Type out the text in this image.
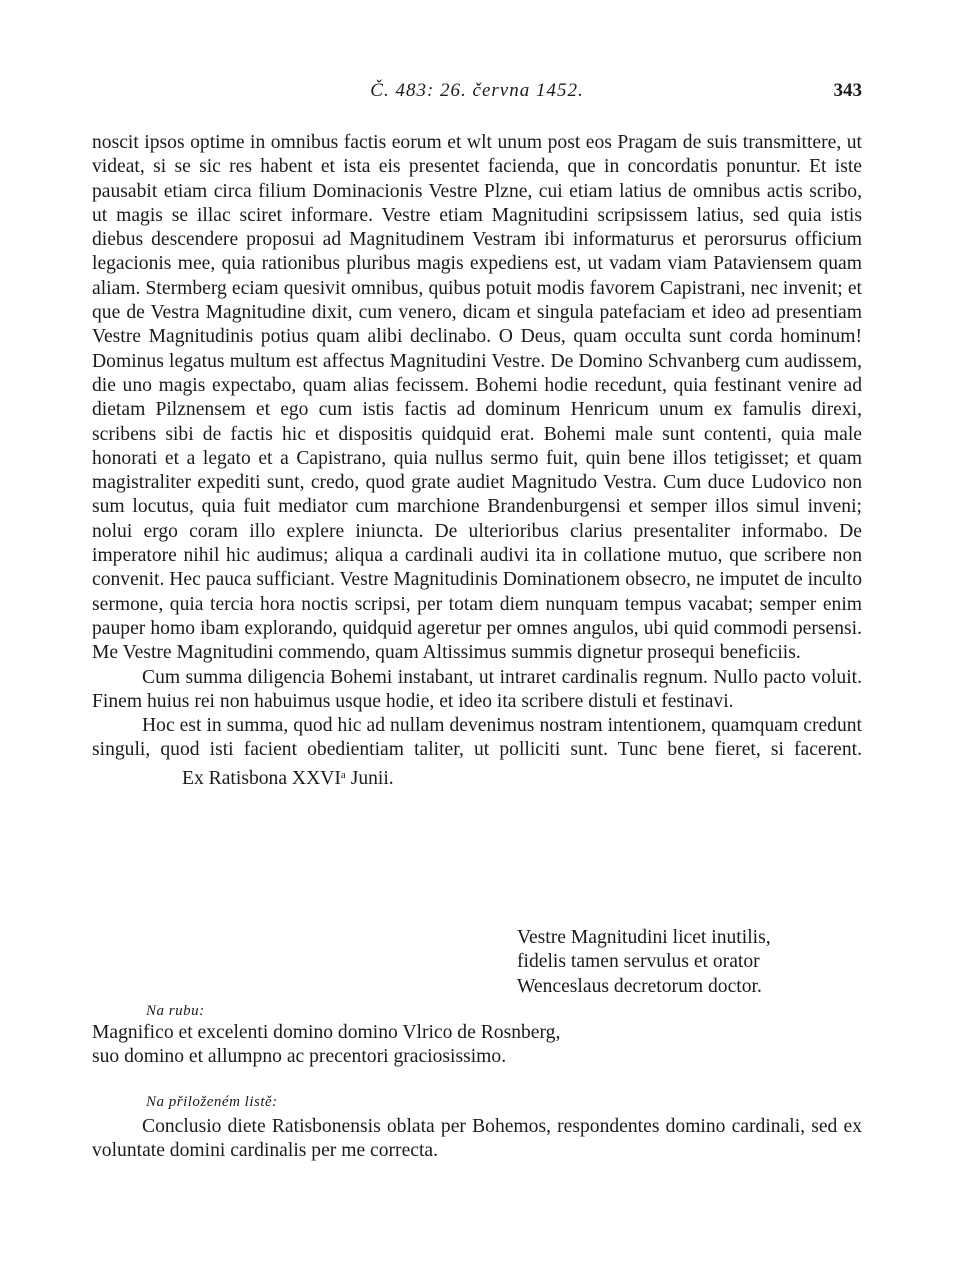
Č. 483: 26. června 1452.	343

noscit ipsos optime in omnibus factis eorum et wlt unum post eos Pragam de suis transmittere, ut videat, si se sic res habent et ista eis presentet facienda, que in concordatis ponuntur. Et iste pausabit etiam circa filium Dominacionis Vestre Plzne, cui etiam latius de omnibus actis scribo, ut magis se illac sciret informare. Vestre etiam Magnitudini scripsissem latius, sed quia istis diebus descendere proposui ad Magnitudinem Vestram ibi informaturus et perorsurus officium legacionis mee, quia rationibus pluribus magis expediens est, ut vadam viam Pataviensem quam aliam. Stermberg eciam quesivit omnibus, quibus potuit modis favorem Capistrani, nec invenit; et que de Vestra Magnitudine dixit, cum venero, dicam et singula patefaciam et ideo ad presentiam Vestre Magnitudinis potius quam alibi declinabo. O Deus, quam occulta sunt corda hominum! Dominus legatus multum est affectus Magnitudini Vestre. De Domino Schvanberg cum audissem, die uno magis expectabo, quam alias fecissem. Bohemi hodie recedunt, quia festinant venire ad dietam Pilznensem et ego cum istis factis ad dominum Henricum unum ex famulis direxi, scribens sibi de factis hic et dispositis quidquid erat. Bohemi male sunt contenti, quia male honorati et a legato et a Capistrano, quia nullus sermo fuit, quin bene illos tetigisset; et quam magistraliter expediti sunt, credo, quod grate audiet Magnitudo Vestra. Cum duce Ludovico non sum locutus, quia fuit mediator cum marchione Brandenburgensi et semper illos simul inveni; nolui ergo coram illo explere iniuncta. De ulterioribus clarius presentaliter informabo. De imperatore nihil hic audimus; aliqua a cardinali audivi ita in collatione mutuo, que scribere non convenit. Hec pauca sufficiant. Vestre Magnitudinis Dominationem obsecro, ne imputet de inculto sermone, quia tercia hora noctis scripsi, per totam diem nunquam tempus vacabat; semper enim pauper homo ibam explorando, quidquid ageretur per omnes angulos, ubi quid commodi persensi. Me Vestre Magnitudini commendo, quam Altissimus summis dignetur prosequi beneficiis.

Cum summa diligencia Bohemi instabant, ut intraret cardinalis regnum. Nullo pacto voluit. Finem huius rei non habuimus usque hodie, et ideo ita scribere distuli et festinavi.

Hoc est in summa, quod hic ad nullam devenimus nostram intentionem, quamquam credunt singuli, quod isti facient obedientiam taliter, ut polliciti sunt. Tunc bene fieret, si facerent.Ex Ratisbona XXVI$^a$ Junii.

Vestre Magnitudini licet inutilis,
fidelis tamen servulus et orator
Wenceslaus decretorum doctor.
Na rubu:
Magnifico et excelenti domino domino Vlrico de Rosnberg,
suo domino et allumpno ac precentori graciosissimo.
Na přiloženém listě:

Conclusio diete Ratisbonensis oblata per Bohemos, respondentes domino cardinali, sed ex voluntate domini cardinalis per me correcta.
